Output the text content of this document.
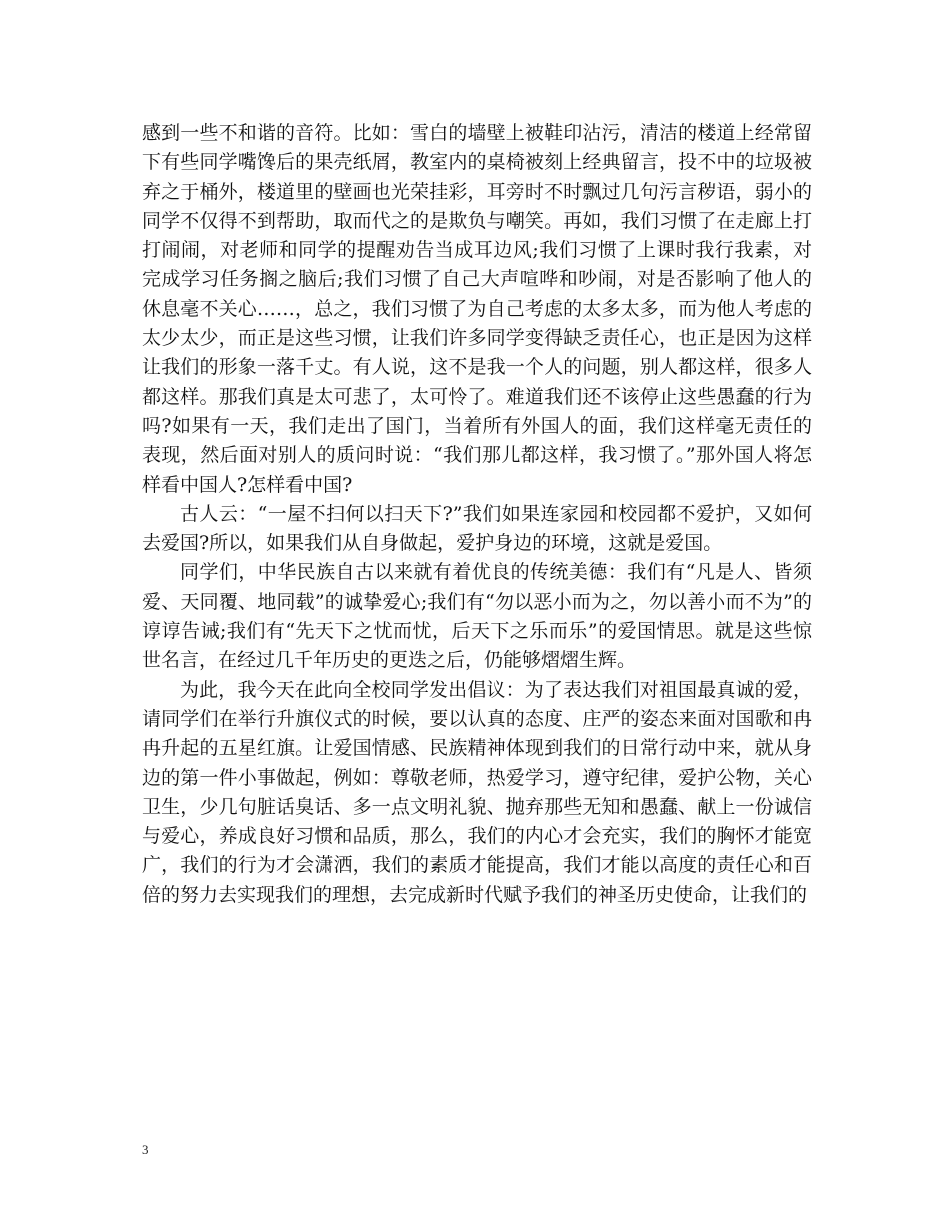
感到一些不和谐的音符。比如：雪白的墙壁上被鞋印沾污，清洁的楼道上经常留下有些同学嘴馋后的果壳纸屑，教室内的桌椅被刻上经典留言，投不中的垃圾被弃之于桶外，楼道里的壁画也光荣挂彩，耳旁时不时飘过几句污言秽语，弱小的同学不仅得不到帮助，取而代之的是欺负与嘲笑。再如，我们习惯了在走廊上打打闹闹，对老师和同学的提醒劝告当成耳边风;我们习惯了上课时我行我素，对完成学习任务搁之脑后;我们习惯了自己大声喧哗和吵闹，对是否影响了他人的休息毫不关心……，总之，我们习惯了为自己考虑的太多太多，而为他人考虑的太少太少，而正是这些习惯，让我们许多同学变得缺乏责任心，也正是因为这样让我们的形象一落千丈。有人说，这不是我一个人的问题，别人都这样，很多人都这样。那我们真是太可悲了，太可怜了。难道我们还不该停止这些愚蠢的行为吗?如果有一天，我们走出了国门，当着所有外国人的面，我们这样毫无责任的表现，然后面对别人的质问时说：“我们那儿都这样，我习惯了。”那外国人将怎样看中国人?怎样看中国?

古人云：“一屋不扫何以扫天下?”我们如果连家园和校园都不爱护，又如何去爱国?所以，如果我们从自身做起，爱护身边的环境，这就是爱国。

同学们，中华民族自古以来就有着优良的传统美德：我们有“凡是人、皆须爱、天同覆、地同载”的诚挚爱心;我们有“勿以恶小而为之，勿以善小而不为”的谆谆告诫;我们有“先天下之忧而忧，后天下之乐而乐”的爱国情思。就是这些惊世名言，在经过几千年历史的更迭之后，仍能够熠熠生辉。

为此，我今天在此向全校同学发出倡议：为了表达我们对祖国最真诚的爱，请同学们在举行升旗仪式的时候，要以认真的态度、庄严的姿态来面对国歌和冉冉升起的五星红旗。让爱国情感、民族精神体现到我们的日常行动中来，就从身边的第一件小事做起，例如：尊敬老师，热爱学习，遵守纪律，爱护公物，关心卫生，少几句脏话臭话、多一点文明礼貌、抛弃那些无知和愚蠢、献上一份诚信与爱心，养成良好习惯和品质，那么，我们的内心才会充实，我们的胸怀才能宽广，我们的行为才会潇洒，我们的素质才能提高，我们才能以高度的责任心和百倍的努力去实现我们的理想，去完成新时代赋予我们的神圣历史使命，让我们的

3
